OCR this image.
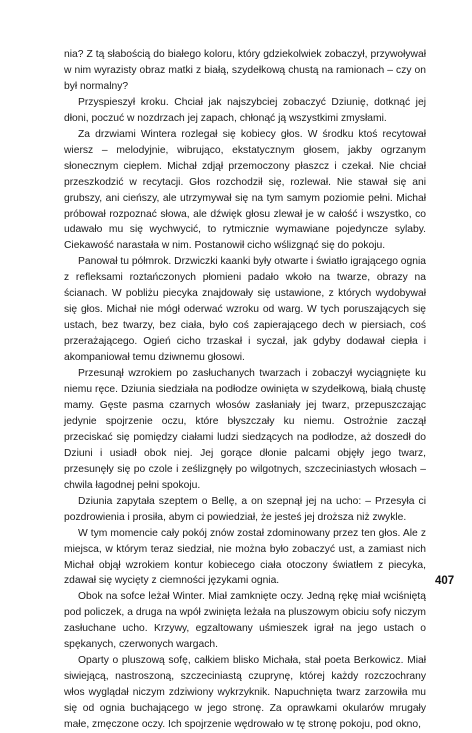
nia? Z tą słabością do białego koloru, który gdziekolwiek zobaczył, przywoływał w nim wyrazisty obraz matki z białą, szydełkową chustą na ramionach – czy on był normalny?

Przyspieszył kroku. Chciał jak najszybciej zobaczyć Dziunię, dotknąć jej dłoni, poczuć w nozdrzach jej zapach, chłonąć ją wszystkimi zmysłami.

Za drzwiami Wintera rozlegał się kobiecy głos. W środku ktoś recytował wiersz – melodyjnie, wibrująco, ekstatycznym głosem, jakby ogrzanym słonecznym ciepłem. Michał zdjął przemoczony płaszcz i czekał. Nie chciał przeszkodzić w recytacji. Głos rozchodził się, rozlewał. Nie stawał się ani grubszy, ani cieńszy, ale utrzymywał się na tym samym poziomie pełni. Michał próbował rozpoznać słowa, ale dźwięk głosu zlewał je w całość i wszystko, co udawało mu się wychwycić, to rytmicznie wymawiane pojedyncze sylaby. Ciekawość narastała w nim. Postanowił cicho wślizgnąć się do pokoju.

Panował tu półmrok. Drzwiczki kaanki były otwarte i światło igrającego ognia z refleksami roztańczonych płomieni padało wkoło na twarze, obrazy na ścianach. W pobliżu piecyka znajdowały się ustawione, z których wydobywał się głos. Michał nie mógł oderwać wzroku od warg. W tych poruszających się ustach, bez twarzy, bez ciała, było coś zapierającego dech w piersiach, coś przerażającego. Ogień cicho trzaskał i syczał, jak gdyby dodawał ciepła i akompaniował temu dziwnemu głosowi.

Przesunął wzrokiem po zasłuchanych twarzach i zobaczył wyciągnięte ku niemu ręce. Dziunia siedziała na podłodze owinięta w szydełkową, białą chustę mamy. Gęste pasma czarnych włosów zasłaniały jej twarz, przepuszczając jedynie spojrzenie oczu, które błyszczały ku niemu. Ostrożnie zaczął przeciskać się pomiędzy ciałami ludzi siedzących na podłodze, aż doszedł do Dziuni i usiadł obok niej. Jej gorące dłonie palcami objęły jego twarz, przesunęły się po czole i ześlizgnęły po wilgotnych, szczeciniastych włosach – chwila łagodnej pełni spokoju.

Dziunia zapytała szeptem o Bellę, a on szepnął jej na ucho: – Przesyła ci pozdrowienia i prosiła, abym ci powiedział, że jesteś jej droższa niż zwykle.

W tym momencie cały pokój znów został zdominowany przez ten głos. Ale z miejsca, w którym teraz siedział, nie można było zobaczyć ust, a zamiast nich Michał objął wzrokiem kontur kobiecego ciała otoczony światłem z piecyka, zdawał się wycięty z ciemności językami ognia.

Obok na sofce leżał Winter. Miał zamknięte oczy. Jedną rękę miał wciśniętą pod policzek, a druga na wpół zwinięta leżała na pluszowym obiciu sofy niczym zasłuchane ucho. Krzywy, egzaltowany uśmieszek igrał na jego ustach o spękanych, czerwonych wargach.

Oparty o pluszową sofę, całkiem blisko Michała, stał poeta Berkowicz. Miał siwiejącą, nastroszoną, szczeciniastą czuprynę, której każdy rozczochrany włos wyglądał niczym zdziwiony wykrzyknik. Napuchnięta twarz zarzowiła mu się od ognia buchającego w jego stronę. Za oprawkami okularów mrugały małe, zmęczone oczy. Ich spojrzenie wędrowało w tę stronę pokoju, pod okno,

407
